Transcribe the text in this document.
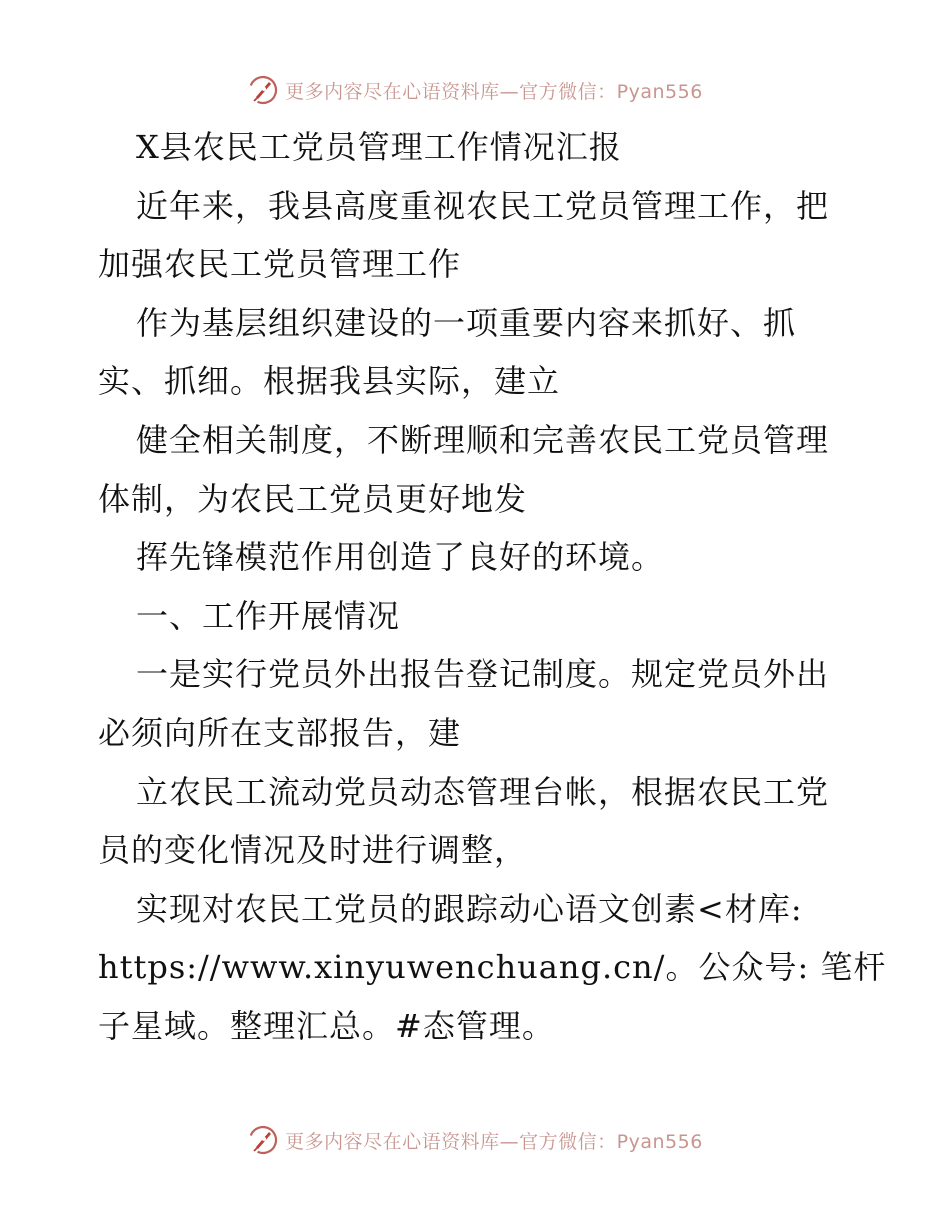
更多内容尽在心语资料库—官方微信：Pyan556
X县农民工党员管理工作情况汇报
近年来，我县高度重视农民工党员管理工作，把
加强农民工党员管理工作
作为基层组织建设的一项重要内容来抓好、抓
实、抓细。根据我县实际，建立
健全相关制度，不断理顺和完善农民工党员管理
体制，为农民工党员更好地发
挥先锋模范作用创造了良好的环境。
一、工作开展情况
一是实行党员外出报告登记制度。规定党员外出
必须向所在支部报告，建
立农民工流动党员动态管理台帐，根据农民工党
员的变化情况及时进行调整，
实现对农民工党员的跟踪动心语文创素<材库:
https://www.xinyuwenchuang.cn/。公众号: 笔杆
子星域。整理汇总。#态管理。
更多内容尽在心语资料库—官方微信：Pyan556
